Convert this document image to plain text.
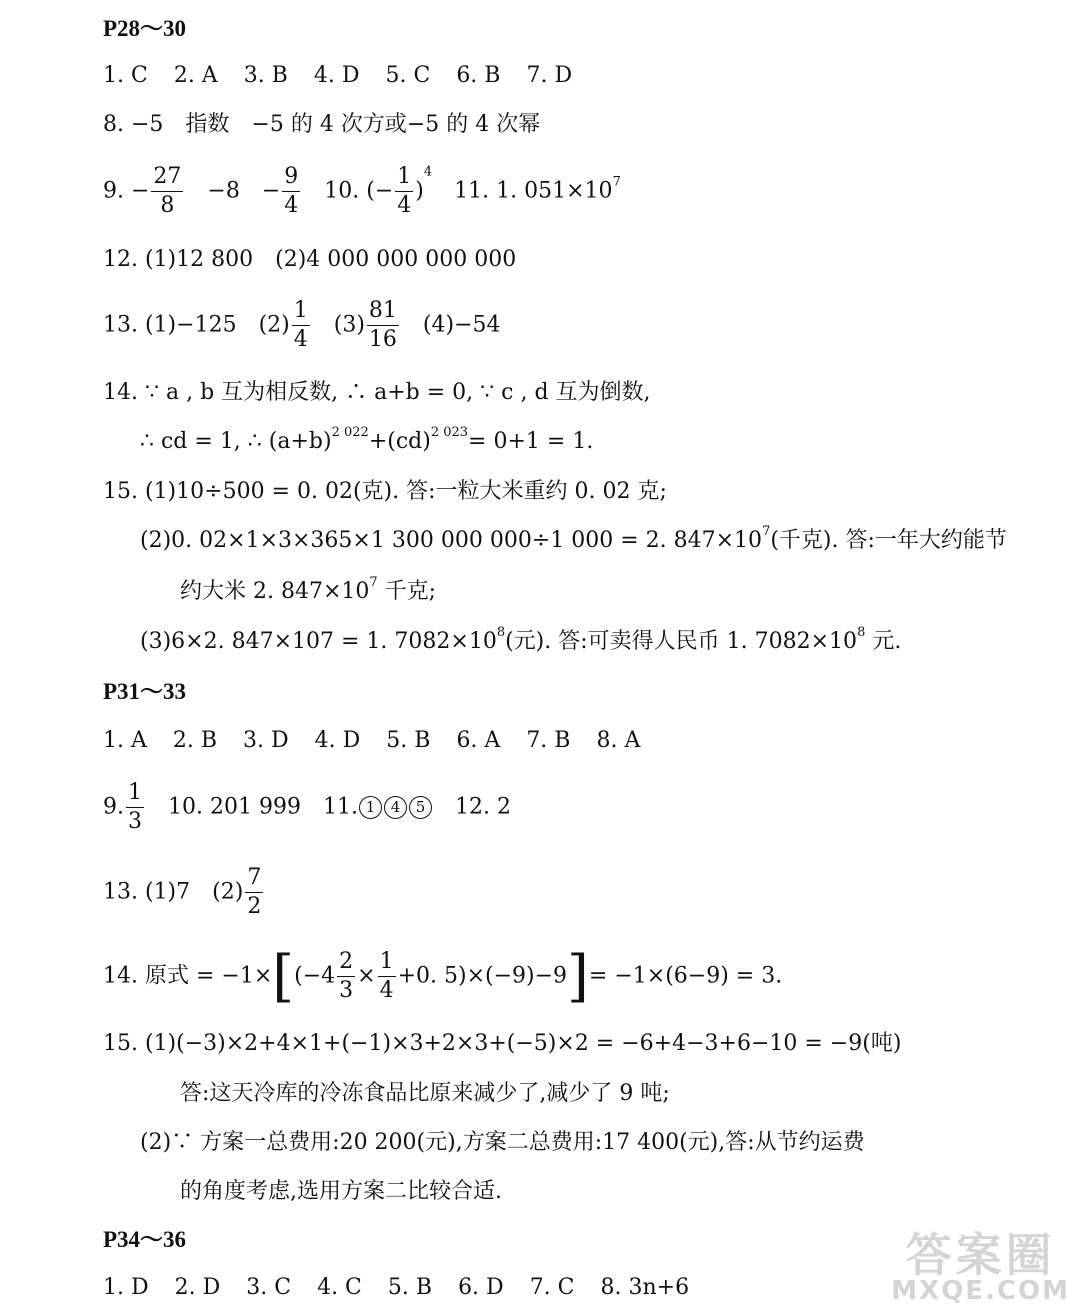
P28～30
1. C 2. A 3. B 4. D 5. C 6. B 7. D
8. −5　指数　−5 的 4 次方或−5 的 4 次幂
9. − $\frac{27}{8} -8 - \frac{9}{4} 10$. (− $\frac{1}{4} )^411$. 1. $051\times 10^7$
12. (1)12 800　(2)4 000 000 000 000
13. (1)−125 $(2) \frac{1}{4} (3) \frac{81}{16} (4)-54$
14. ∵ a , b 互为相反数, ∴ a+b = 0, ∵ c , d 互为倒数,
∴ cd = 1, ∴ $(a+b)^{2 022}+(cd)^{2 023}= 0+1 = 1$.
15. (1)10÷500 = 0. 02(克). 答:一粒大米重约 0. 02 克;
(2)0. 02×1×3×365×1 300 000 000÷1 000 = 2. $847\times 10^7$(千克). 答:一年大约能节
约大米 2. $847\times 10^7$ 千克;
(3)6×2. 847×107 = 1. $7082\times 10^8$(元). 答:可卖得人民币 1. $7082\times 10^8$ 元.
P31～33
1. A 2. B 3. D 4. D 5. B 6. A 7. B 8. A
9. $\frac{1}{3} 10$. 201 999 11. 1 4 5 12. 2
13. (1)7 $(2) \frac{7}{2}$
14. 原式 = $-1\times[(-4 \frac{2}{3} \times \frac{1}{4} +0$. 5)×(−9)−9]= −1×(6−9) = 3.
15. (1)(−3)×2+4×1+(−1)×3+2×3+(−5)×2 = −6+4−3+6−10 = −9(吨)
答:这天冷库的冷冻食品比原来减少了,减少了 9 吨;
(2)∵ 方案一总费用:20 200(元),方案二总费用:17 400(元),答:从节约运费
的角度考虑,选用方案二比较合适.
P34～36
1. D 2. D 3. C 4. C 5. B 6. D 7. C 8. 3n+6
答案圈
MXQE.COM
